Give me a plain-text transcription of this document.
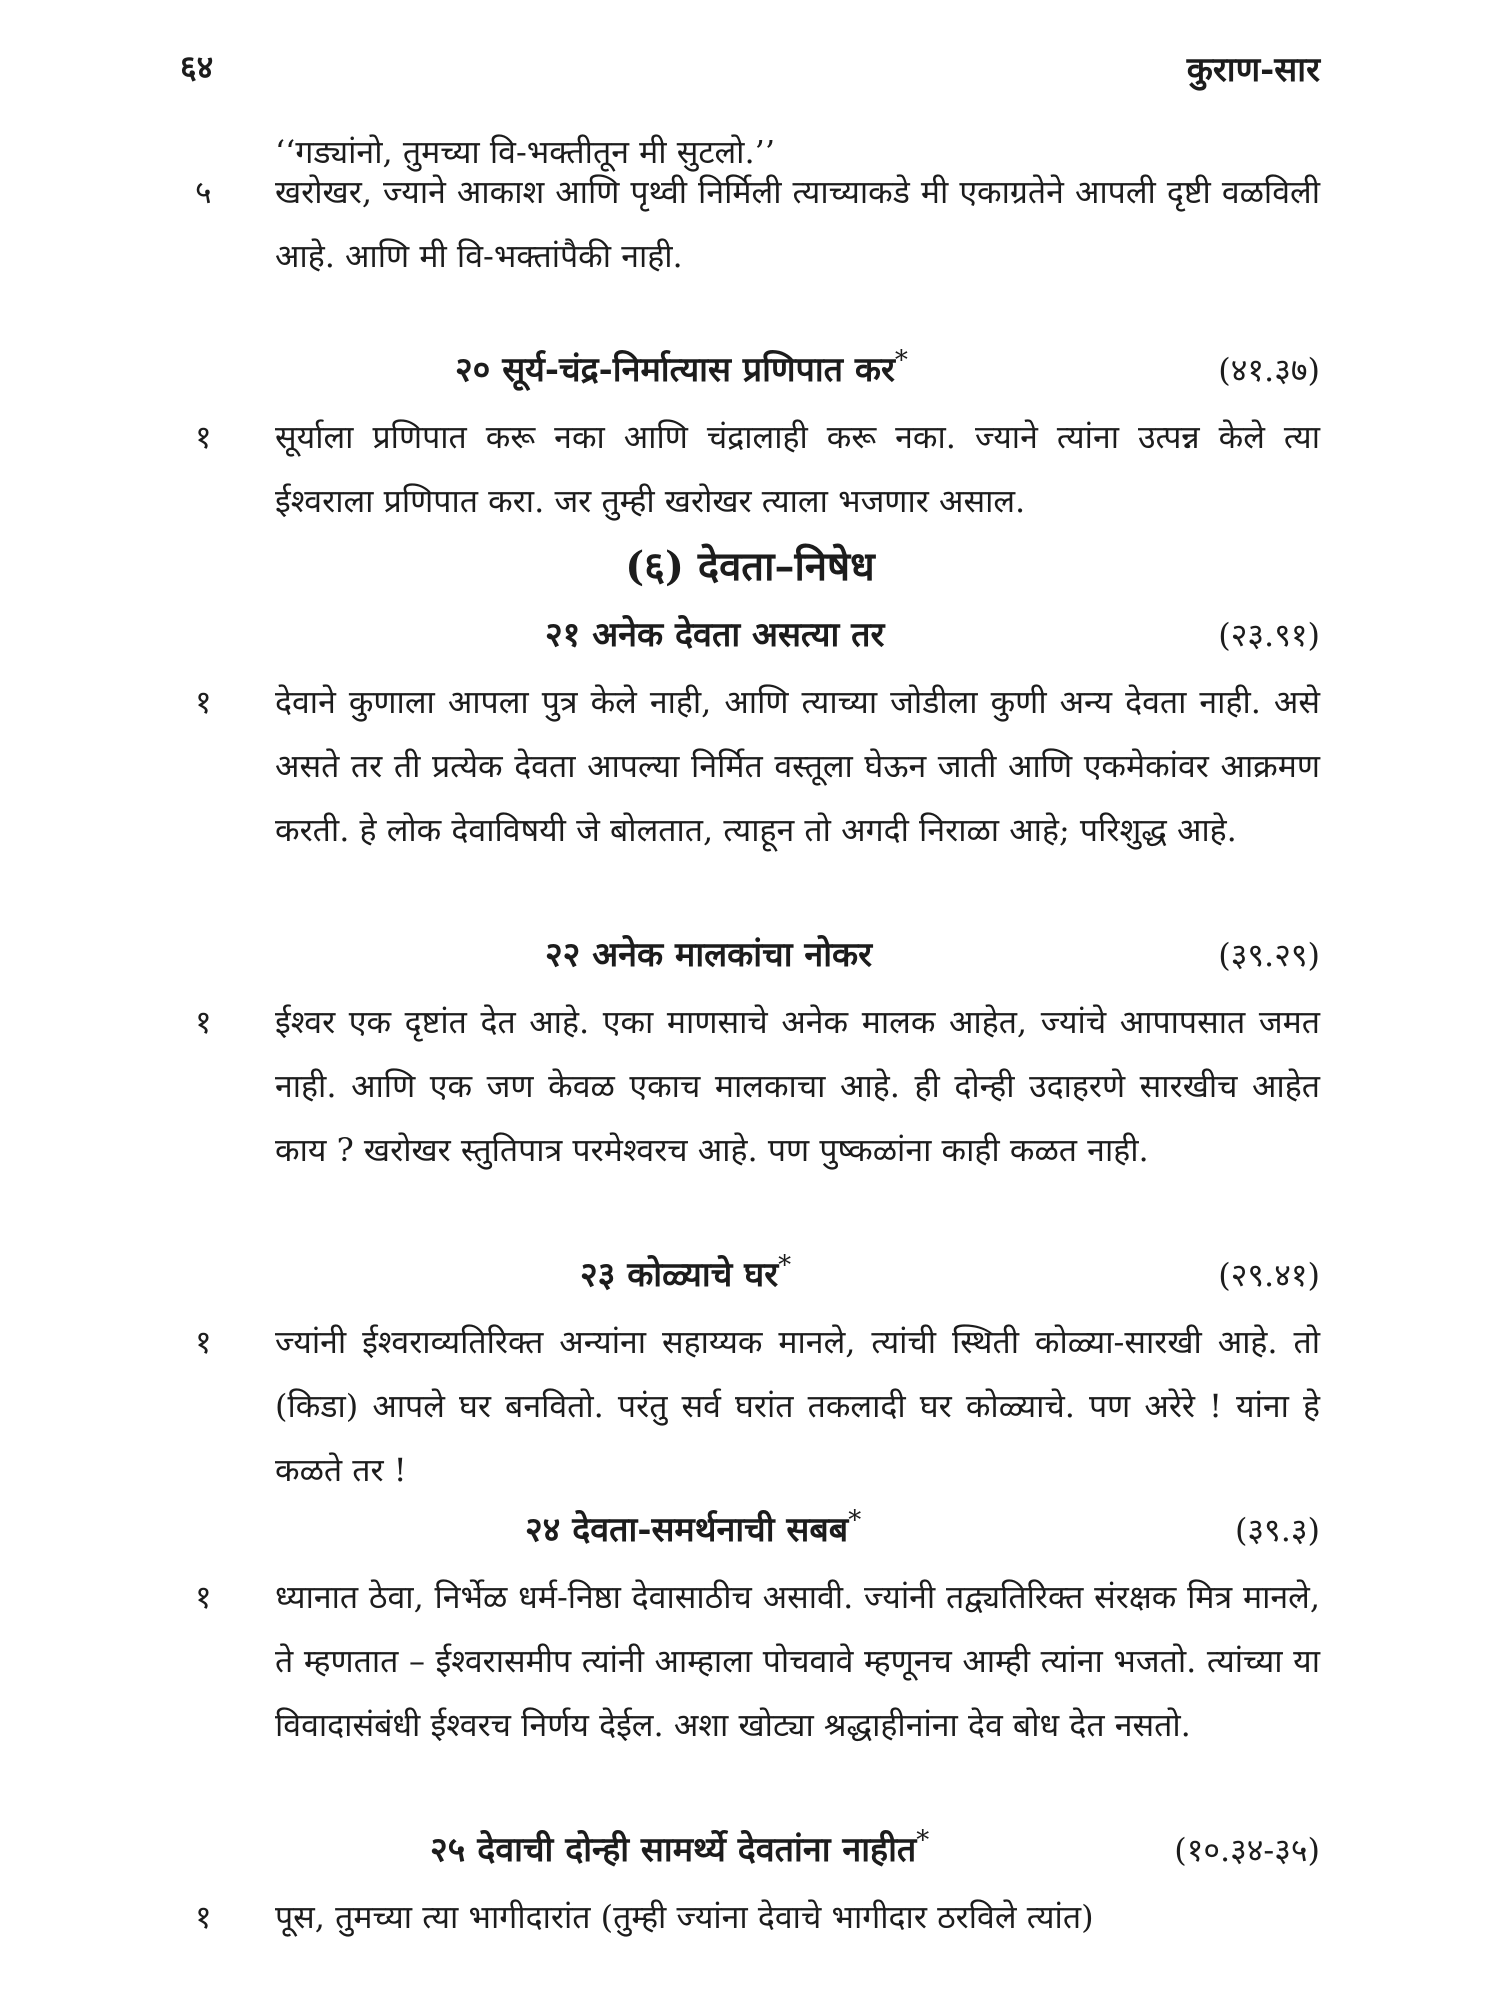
६४	कुराण-सार
‘‘गड्यांनो, तुमच्या वि-भक्तीतून मी सुटलो.’’
५ खरोखर, ज्याने आकाश आणि पृथ्वी निर्मिली त्याच्याकडे मी एकाग्रतेने आपली दृष्टी वळविली आहे. आणि मी वि-भक्तांपैकी नाही.
२० सूर्य-चंद्र-निर्मात्यास प्रणिपात कर*	(४१.३७)
१ सूर्याला प्रणिपात करू नका आणि चंद्रालाही करू नका. ज्याने त्यांना उत्पन्न केले त्या ईश्वराला प्रणिपात करा. जर तुम्ही खरोखर त्याला भजणार असाल.
(६) देवता–निषेध
२१ अनेक देवता असत्या तर	(२३.९१)
१ देवाने कुणाला आपला पुत्र केले नाही, आणि त्याच्या जोडीला कुणी अन्य देवता नाही. असे असते तर ती प्रत्येक देवता आपल्या निर्मित वस्तूला घेऊन जाती आणि एकमेकांवर आक्रमण करती. हे लोक देवाविषयी जे बोलतात, त्याहून तो अगदी निराळा आहे; परिशुद्ध आहे.
२२ अनेक मालकांचा नोकर	(३९.२९)
१ ईश्वर एक दृष्टांत देत आहे. एका माणसाचे अनेक मालक आहेत, ज्यांचे आपापसात जमत नाही. आणि एक जण केवळ एकाच मालकाचा आहे. ही दोन्ही उदाहरणे सारखीच आहेत काय ? खरोखर स्तुतिपात्र परमेश्वरच आहे. पण पुष्कळांना काही कळत नाही.
२३ कोळ्याचे घर*	(२९.४१)
१ ज्यांनी ईश्वराव्यतिरिक्त अन्यांना सहाय्यक मानले, त्यांची स्थिती कोळ्या-सारखी आहे. तो (किडा) आपले घर बनवितो. परंतु सर्व घरांत तकलादी घर कोळ्याचे. पण अरेरे ! यांना हे कळते तर !
२४ देवता-समर्थनाची सबब*	(३९.३)
१ ध्यानात ठेवा, निर्भेळ धर्म-निष्ठा देवासाठीच असावी. ज्यांनी तद्व्यतिरिक्त संरक्षक मित्र मानले, ते म्हणतात – ईश्वरासमीप त्यांनी आम्हाला पोचवावे म्हणूनच आम्ही त्यांना भजतो. त्यांच्या या विवादासंबंधी ईश्वरच निर्णय देईल. अशा खोट्या श्रद्धाहीनांना देव बोध देत नसतो.
२५ देवाची दोन्ही सामर्थ्ये देवतांना नाहीत*	(१०.३४-३५)
१ पूस, तुमच्या त्या भागीदारांत (तुम्ही ज्यांना देवाचे भागीदार ठरविले त्यांत)
